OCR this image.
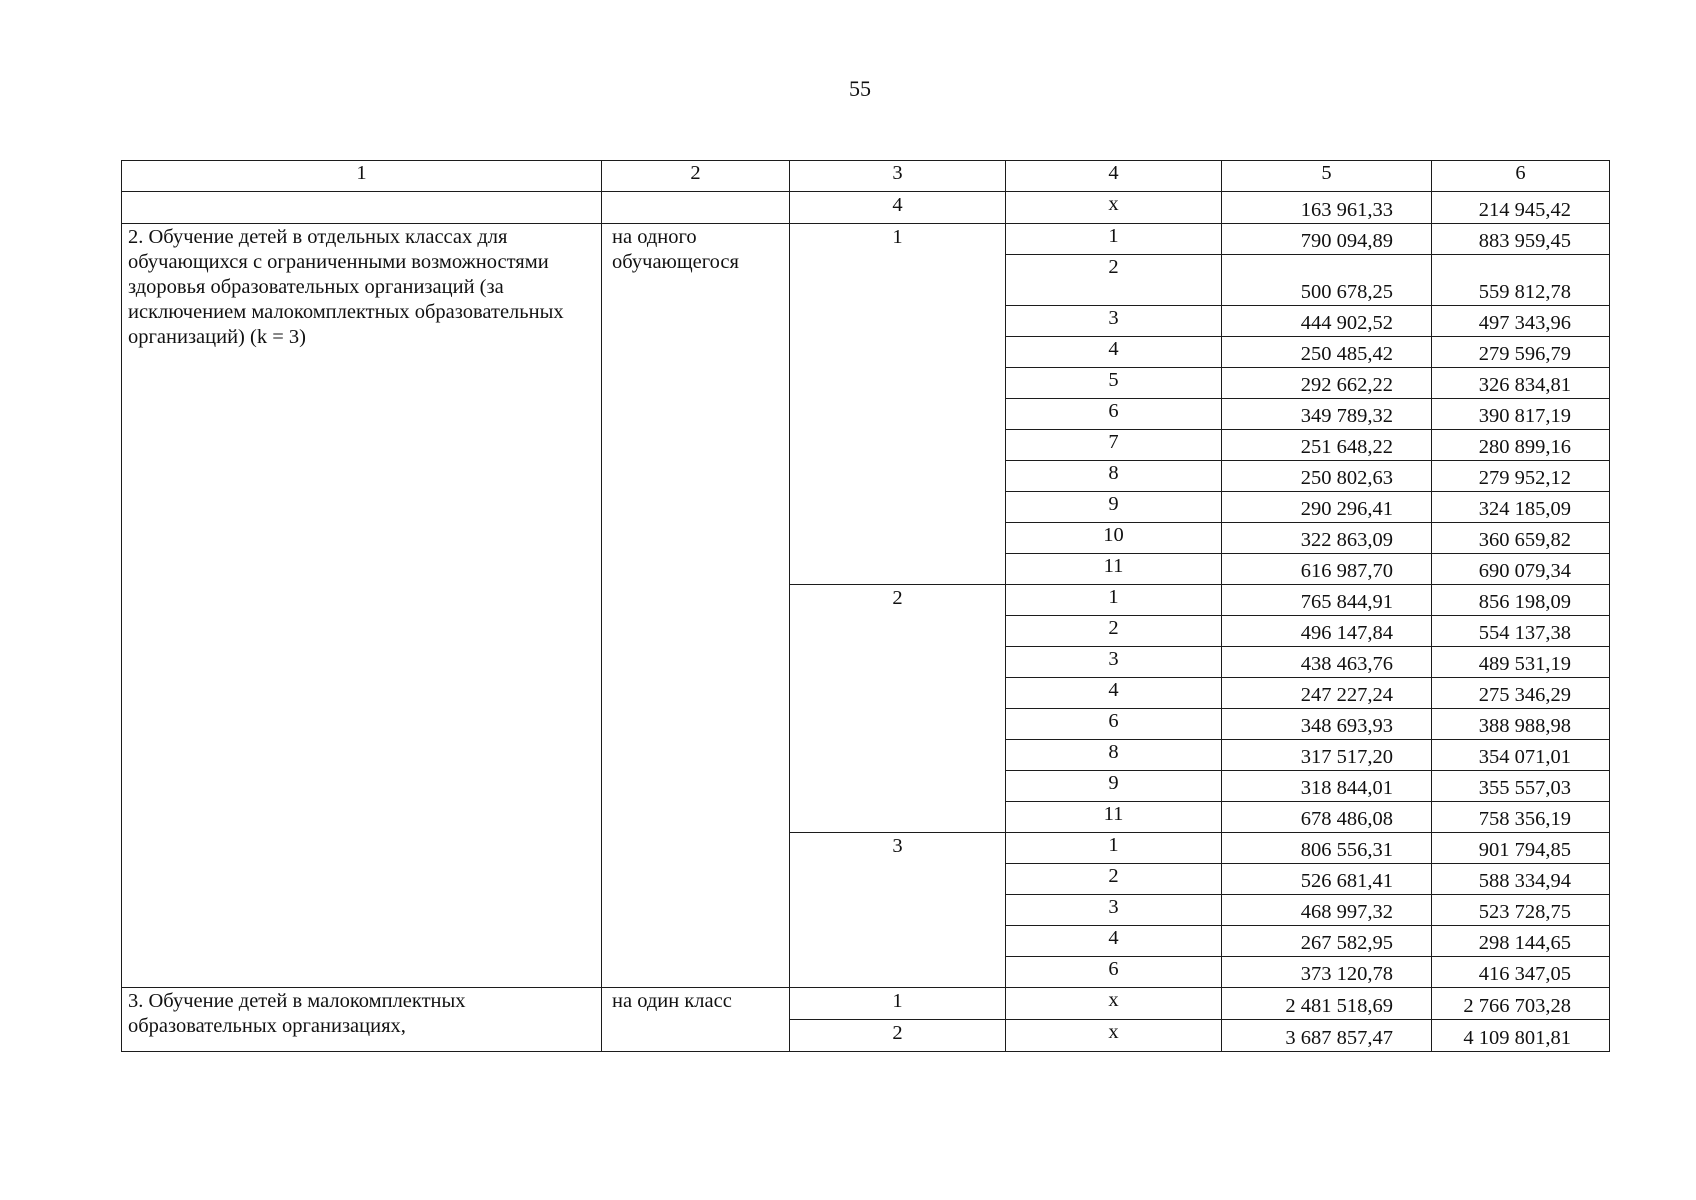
55
1	2	3	4	5	6
		4	x	163 961,33	214 945,42
2. Обучение детей в отдельных классах для обучающихся с ограниченными возможностями здоровья образовательных организаций (за исключением малокомплектных образовательных организаций) (k = 3)	на одного обучающегося	1	1	790 094,89	883 959,45
			2	500 678,25	559 812,78
			3	444 902,52	497 343,96
			4	250 485,42	279 596,79
			5	292 662,22	326 834,81
			6	349 789,32	390 817,19
			7	251 648,22	280 899,16
			8	250 802,63	279 952,12
			9	290 296,41	324 185,09
			10	322 863,09	360 659,82
			11	616 987,70	690 079,34
		2	1	765 844,91	856 198,09
			2	496 147,84	554 137,38
			3	438 463,76	489 531,19
			4	247 227,24	275 346,29
			6	348 693,93	388 988,98
			8	317 517,20	354 071,01
			9	318 844,01	355 557,03
			11	678 486,08	758 356,19
		3	1	806 556,31	901 794,85
			2	526 681,41	588 334,94
			3	468 997,32	523 728,75
			4	267 582,95	298 144,65
			6	373 120,78	416 347,05
3. Обучение детей в малокомплектных образовательных организациях,	на один класс	1	x	2 481 518,69	2 766 703,28
		2	x	3 687 857,47	4 109 801,81
